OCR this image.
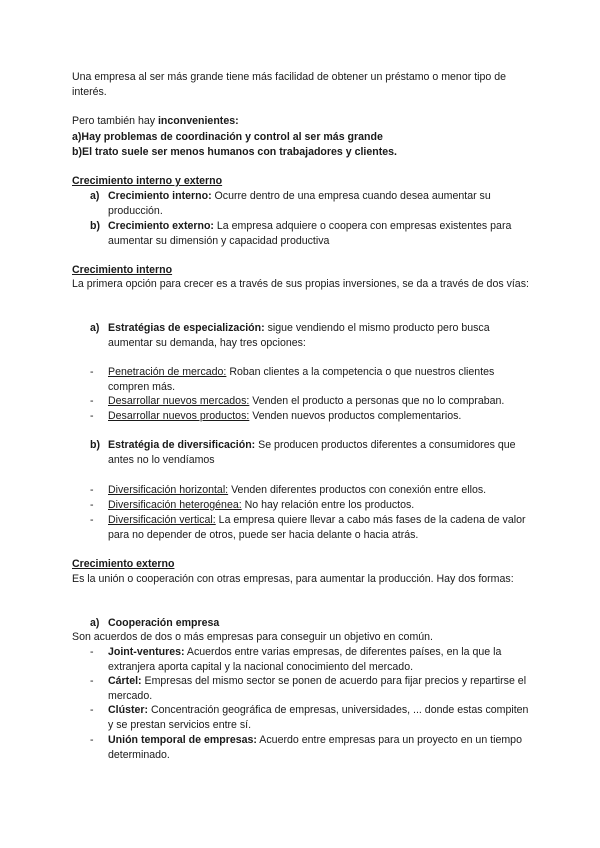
Una empresa al ser más grande tiene más facilidad de obtener un préstamo o menor tipo de interés.

Pero también hay inconvenientes:

a)Hay problemas de coordinación y control al ser más grande

b)El trato suele ser menos humanos con trabajadores y clientes.

Crecimiento interno y externo

a) Crecimiento interno: Ocurre dentro de una empresa cuando desea aumentar su producción.

b) Crecimiento externo: La empresa adquiere o coopera con empresas existentes para aumentar su dimensión y capacidad productiva

Crecimiento interno

La primera opción para crecer es a través de sus propias inversiones, se da a través de dos vías:

a) Estratégias de especialización: sigue vendiendo el mismo producto pero busca aumentar su demanda, hay tres opciones:

- Penetración de mercado: Roban clientes a la competencia o que nuestros clientes compren más.

- Desarrollar nuevos mercados: Venden el producto a personas que no lo compraban.

- Desarrollar nuevos productos: Venden nuevos productos complementarios.

b) Estratégia de diversificación: Se producen productos diferentes a consumidores que antes no lo vendíamos

- Diversificación horizontal: Venden diferentes productos con conexión entre ellos.

- Diversificación heterogénea: No hay relación entre los productos.

- Diversificación vertical: La empresa quiere llevar a cabo más fases de la cadena de valor para no depender de otros, puede ser hacia delante o hacia atrás.

Crecimiento externo

Es la unión o cooperación con otras empresas, para aumentar la producción. Hay dos formas:

a) Cooperación empresa

Son acuerdos de dos o más empresas para conseguir un objetivo en común.

- Joint-ventures: Acuerdos entre varias empresas, de diferentes países, en la que la extranjera aporta capital y la nacional conocimiento del mercado.

- Cártel: Empresas del mismo sector se ponen de acuerdo para fijar precios y repartirse el mercado.

- Clúster: Concentración geográfica de empresas, universidades, ... donde estas compiten y se prestan servicios entre sí.

- Unión temporal de empresas: Acuerdo entre empresas para un proyecto en un tiempo determinado.
